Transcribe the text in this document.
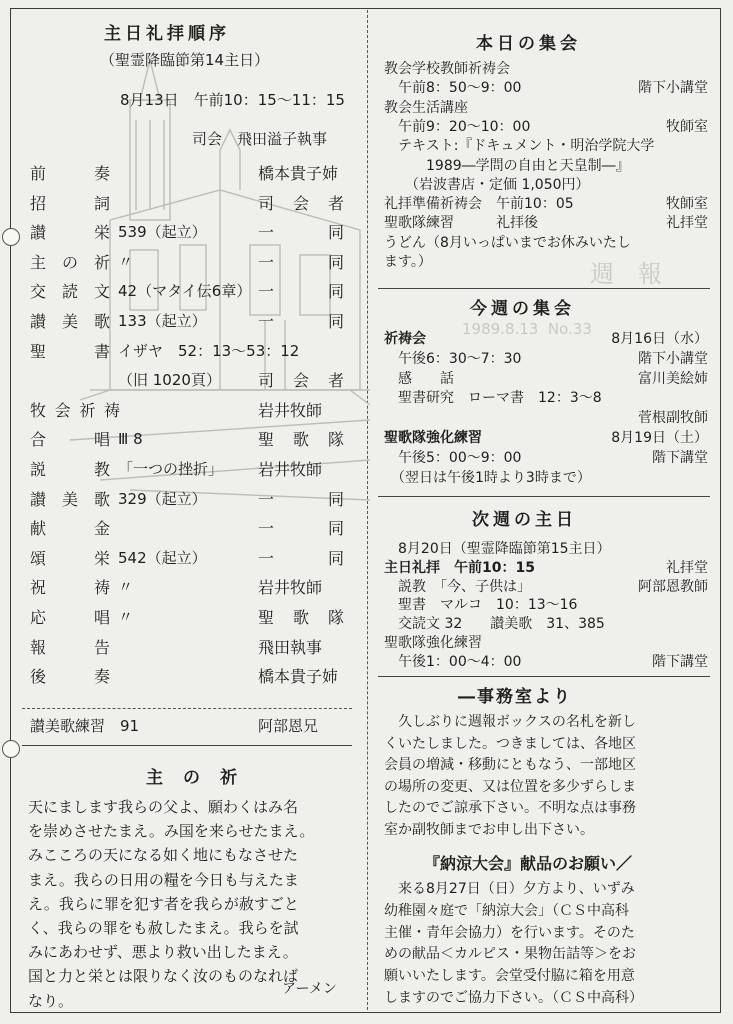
1989.8.13  No.33
週　報
主日礼拝順序
（聖霊降臨節第14主日）
8月13日　午前10：15～11：15
司会　飛田溢子執事
前	奏	橋本貴子姉
招	詞	司 会 者
讃	栄 539（起立）	一	同
主 の 祈 〃	一	同
交 読 文 42（マタイ伝6章） 一	同
讃 美 歌 133（起立）	一	同
聖	書 イザヤ　52：13～53：12
（旧 1020頁） 司 会 者
牧 会 祈 祷	岩井牧師
合	唱 Ⅲ 8	聖 歌 隊
説	教 「一つの挫折」 岩井牧師
讃 美 歌 329（起立）	一	同
献	金	一	同
頌	栄 542（起立）	一	同
祝	祷 〃	岩井牧師
応	唱 〃	聖 歌 隊
報	告	飛田執事
後	奏	橋本貴子姉
讃美歌練習　91	阿部恩兄
主の祈
天にまします我らの父よ、願わくはみ名
を崇めさせたまえ。み国を来らせたまえ。
みこころの天になる如く地にもなさせた
まえ。我らの日用の糧を今日も与えたま
え。我らに罪を犯す者を我らが赦すごと
く、我らの罪をも赦したまえ。我らを試
みにあわせず、悪より救い出したまえ。
国と力と栄とは限りなく汝のものなれば
なり。
アーメン
本日の集会
教会学校教師祈祷会
　午前8：50～9：00	階下小講堂
教会生活講座
　午前9：20～10：00	牧師室
　テキスト:『ドキュメント・明治学院大学
　　　1989―学問の自由と天皇制―』
　　（岩波書店・定価 1,050円）
礼拝準備祈祷会　午前10：05	牧師室
聖歌隊練習　　　礼拝後	礼拝堂
うどん（8月いっぱいまでお休みいたし
ます。）
今週の集会
祈祷会	8月16日（水）
　午後6：30～7：30	階下小講堂
　感　　話	富川美絵姉
　聖書研究　ローマ書　12：3～8
菅根副牧師
聖歌隊強化練習	8月19日（土）
　午後5：00～9：00	階下講堂
　（翌日は午後1時より3時まで）
次週の主日
　8月20日（聖霊降臨節第15主日）
主日礼拝　午前10：15	礼拝堂
　説教　「今、子供は」	阿部恩教師
　聖書　マルコ　10：13～16
　交読文 32　　讃美歌　31、385
聖歌隊強化練習
　午後1：00～4：00	階下講堂
―事務室より
　久しぶりに週報ボックスの名札を新し
くいたしました。つきましては、各地区
会員の増減・移動にともなう、一部地区
の場所の変更、又は位置を多少ずらしま
したのでご諒承下さい。不明な点は事務
室か副牧師までお申し出下さい。
『納涼大会』献品のお願い／
　来る8月27日（日）夕方より、いずみ
幼稚園々庭で「納涼大会」（ＣＳ中高科
主催・青年会協力）を行います。そのた
めの献品＜カルピス・果物缶詰等＞をお
願いいたします。会堂受付脇に箱を用意
しますのでご協力下さい。（ＣＳ中高科）
